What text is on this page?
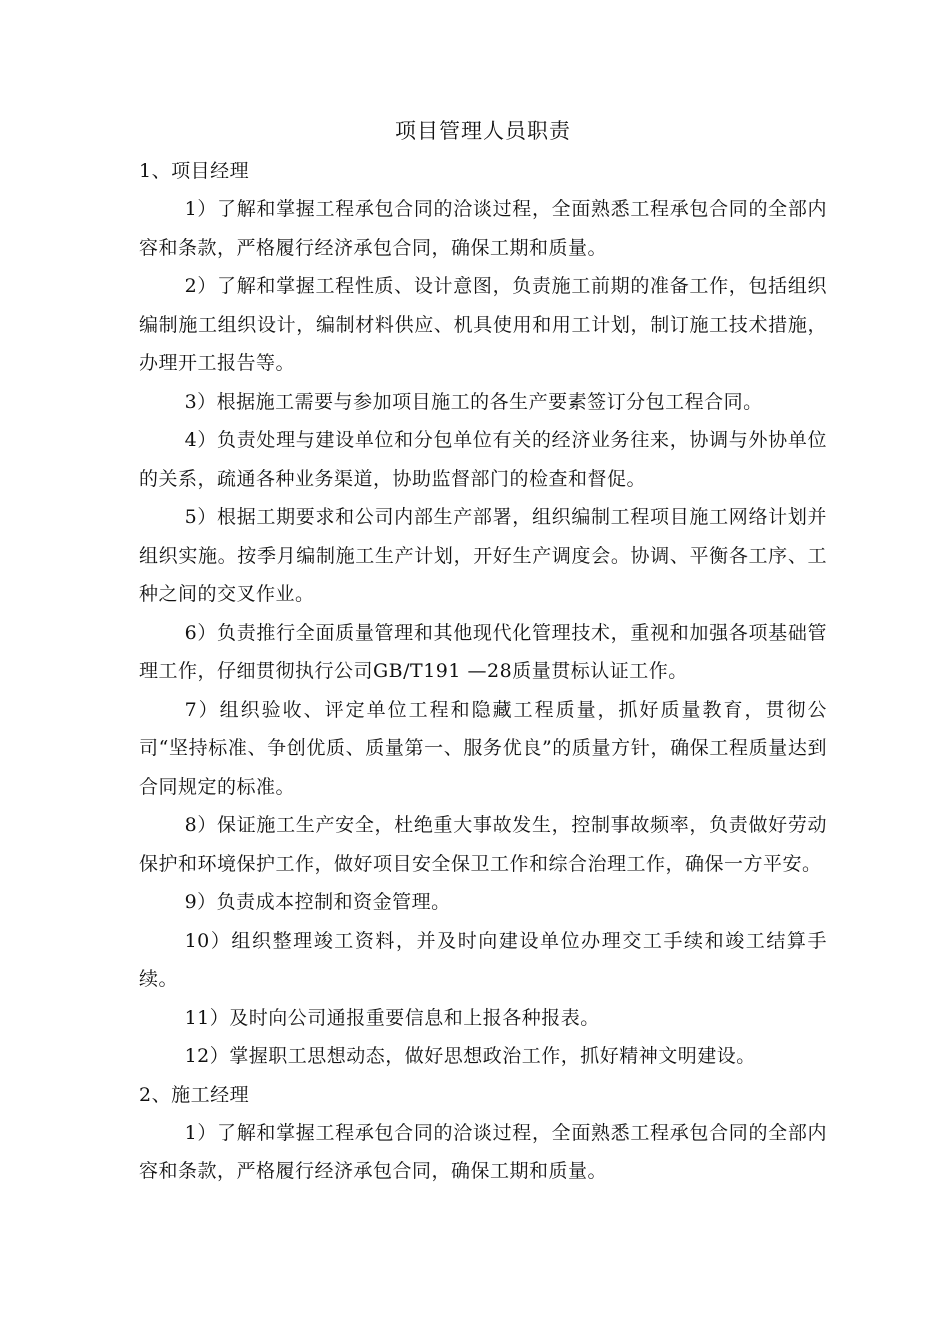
项目管理人员职责

1、项目经理

1）了解和掌握工程承包合同的洽谈过程，全面熟悉工程承包合同的全部内容和条款，严格履行经济承包合同，确保工期和质量。

2）了解和掌握工程性质、设计意图，负责施工前期的准备工作，包括组织编制施工组织设计，编制材料供应、机具使用和用工计划，制订施工技术措施，办理开工报告等。

3）根据施工需要与参加项目施工的各生产要素签订分包工程合同。

4）负责处理与建设单位和分包单位有关的经济业务往来，协调与外协单位的关系，疏通各种业务渠道，协助监督部门的检查和督促。

5）根据工期要求和公司内部生产部署，组织编制工程项目施工网络计划并组织实施。按季月编制施工生产计划，开好生产调度会。协调、平衡各工序、工种之间的交叉作业。

6）负责推行全面质量管理和其他现代化管理技术，重视和加强各项基础管理工作，仔细贯彻执行公司GB/T191 —28质量贯标认证工作。

7）组织验收、评定单位工程和隐藏工程质量，抓好质量教育，贯彻公司“坚持标准、争创优质、质量第一、服务优良”的质量方针，确保工程质量达到合同规定的标准。

8）保证施工生产安全，杜绝重大事故发生，控制事故频率，负责做好劳动保护和环境保护工作，做好项目安全保卫工作和综合治理工作，确保一方平安。

9）负责成本控制和资金管理。

10）组织整理竣工资料，并及时向建设单位办理交工手续和竣工结算手续。

11）及时向公司通报重要信息和上报各种报表。

12）掌握职工思想动态，做好思想政治工作，抓好精神文明建设。

2、施工经理

1）了解和掌握工程承包合同的洽谈过程，全面熟悉工程承包合同的全部内容和条款，严格履行经济承包合同，确保工期和质量。
